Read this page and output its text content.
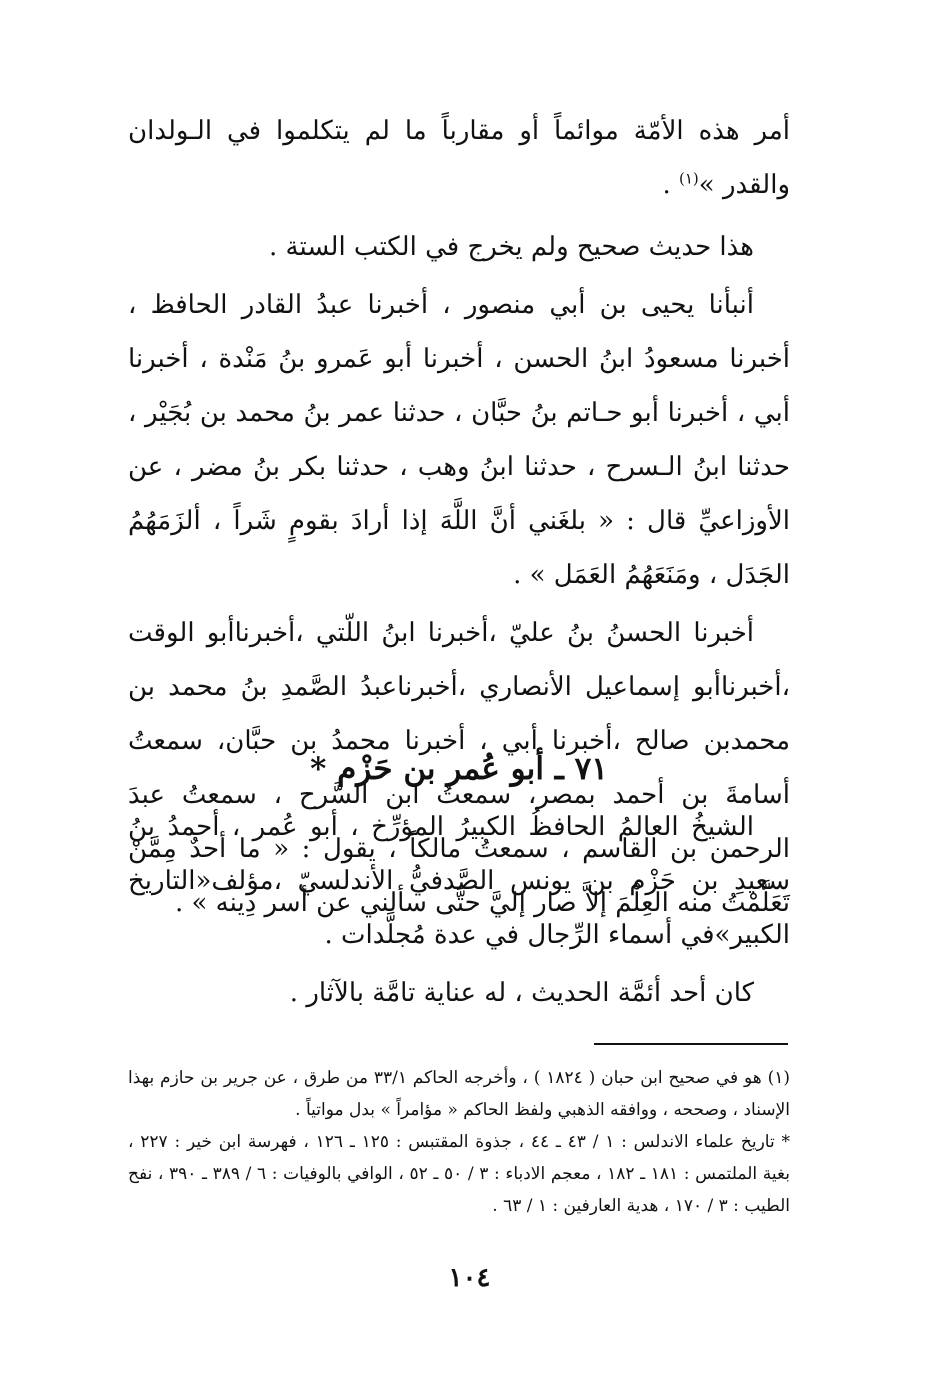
أمر هذه الأمّة موائماً أو مقارباً ما لم يتكلموا في الـولدان والقدر »$^{(١)}$ .

هذا حديث صحيح ولم يخرج في الكتب الستة .

أنبأنا يحيى بن أبي منصور ، أخبرنا عبدُ القادر الحافظ ، أخبرنا مسعودُ ابنُ الحسن ، أخبرنا أبو عَمرو بنُ مَنْدة ، أخبرنا أبي ، أخبرنا أبو حـاتم بنُ حبَّان ، حدثنا عمر بنُ محمد بن بُجَيْر ، حدثنا ابنُ الـسرح ، حدثنا ابنُ وهب ، حدثنا بكر بنُ مضر ، عن الأوزاعيِّ قال : « بلغَني أنَّ اللَّهَ إذا أرادَ بقومٍ شَراً ، ألزَمَهُمُ الجَدَل ، ومَنَعَهُمُ العَمَل » .

أخبرنا الحسنُ بنُ عليّ ،أخبرنا ابنُ اللّتي ،أخبرناأبو الوقت ،أخبرناأبو إسماعيل الأنصاري ،أخبرناعبدُ الصَّمدِ بنُ محمد بن محمدبن صالح ،أخبرنا أبي ، أخبرنا محمدُ بن حبَّان، سمعتُ أسامةَ بن أحمد بمصر، سمعتُ ابن السَّرح ، سمعتُ عبدَ الرحمن بن القاسم ، سمعتُ مالكاً ، يقول : « ما أحدٌ مِمَّنْ تَعَلَّمْتُ منه العِلْمَ إلاَّ صار إليَّ حتَّى سألني عن أسر دِينه » .

٧١ ـ أبو عُمر بن حَزْم *

الشيخُ العالمُ الحافظُ الكبيرُ المؤرِّخ ، أبو عُمر ، أحمدُ بنُ سعيدِ بن حَزْم بن يونس الصَّدفيُّ الأندلسيّ ،مؤلف«التاريخ الكبير»في أسماء الرِّجال في عدة مُجلَّدات .

كان أحد أئمَّة الحديث ، له عناية تامَّة بالآثار .

(١) هو في صحيح ابن حبان ( ١٨٢٤ ) ، وأخرجه الحاكم ٣٣/١ من طرق ، عن جرير بن حازم بهذا الإسناد ، وصححه ، ووافقه الذهبي ولفظ الحاكم « مؤامراً » بدل مواتياً .

* تاريخ علماء الاندلس : ١ / ٤٣ ـ ٤٤ ، جذوة المقتبس : ١٢٥ ـ ١٢٦ ، فهرسة ابن خير : ٢٢٧ ، بغية الملتمس : ١٨١ ـ ١٨٢ ، معجم الادباء : ٣ / ٥٠ ـ ٥٢ ، الوافي بالوفيات : ٦ / ٣٨٩ ـ ٣٩٠ ، نفح الطيب : ٣ / ١٧٠ ، هدية العارفين : ١ / ٦٣ .

١٠٤
